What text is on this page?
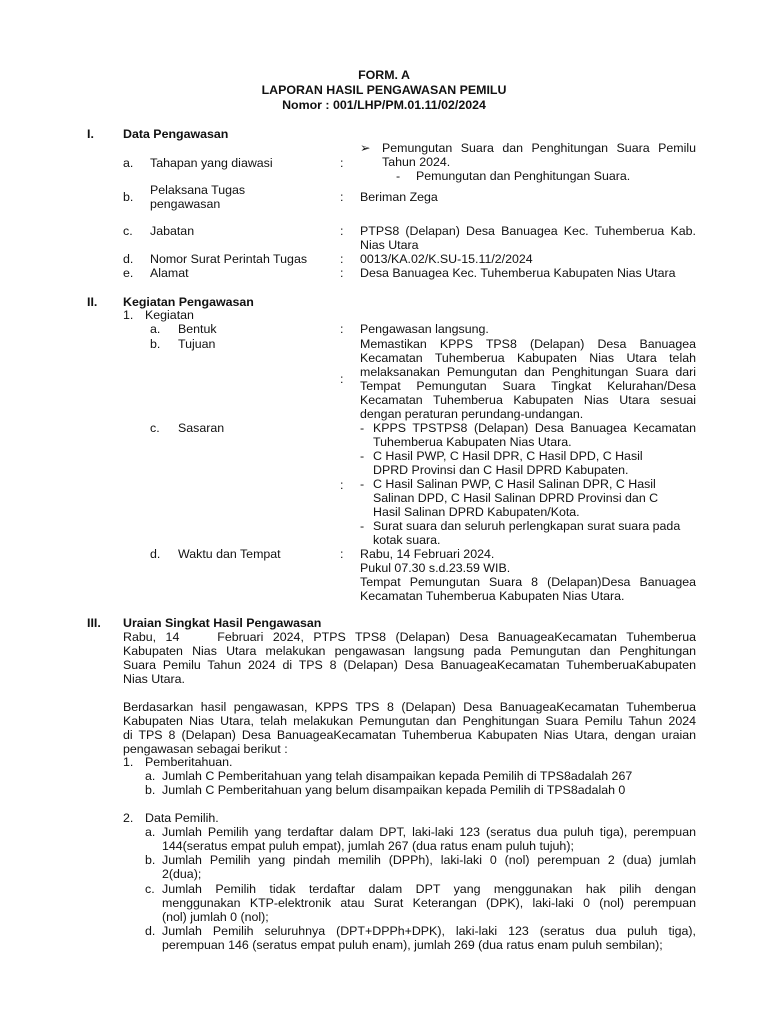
FORM. A
LAPORAN HASIL PENGAWASAN PEMILU
Nomor : 001/LHP/PM.01.11/02/2024
I. Data Pengawasan
a. Tahapan yang diawasi	:
➢ Pemungutan Suara dan Penghitungan Suara Pemilu
Tahun 2024.
- Pemungutan dan Penghitungan Suara.
b. Pelaksana Tugas
pengawasan	: Beriman Zega
c. Jabatan	: PTPS8 (Delapan) Desa Banuagea Kec. Tuhemberua Kab.
Nias Utara
d. Nomor Surat Perintah Tugas	: 0013/KA.02/K.SU-15.11/2/2024
e. Alamat	: Desa Banuagea Kec. Tuhemberua Kabupaten Nias Utara
II. Kegiatan Pengawasan
1. Kegiatan
a. Bentuk	: Pengawasan langsung.
b. Tujuan
:
Memastikan KPPS TPS8 (Delapan) Desa Banuagea
Kecamatan Tuhemberua Kabupaten Nias Utara telah
melaksanakan Pemungutan dan Penghitungan Suara dari
Tempat Pemungutan Suara Tingkat Kelurahan/Desa
Kecamatan Tuhemberua Kabupaten Nias Utara sesuai
dengan peraturan perundang-undangan.
c. Sasaran
:
- KPPS TPSTPS8 (Delapan) Desa Banuagea Kecamatan
Tuhemberua Kabupaten Nias Utara.
- C Hasil PWP, C Hasil DPR, C Hasil DPD, C Hasil
DPRD Provinsi dan C Hasil DPRD Kabupaten.
- C Hasil Salinan PWP, C Hasil Salinan DPR, C Hasil
Salinan DPD, C Hasil Salinan DPRD Provinsi dan C
Hasil Salinan DPRD Kabupaten/Kota.
- Surat suara dan seluruh perlengkapan surat suara pada
kotak suara.
d. Waktu dan Tempat	: Rabu, 14 Februari 2024.
Pukul 07.30 s.d.23.59 WIB.
Tempat Pemungutan Suara 8 (Delapan)Desa Banuagea
Kecamatan Tuhemberua Kabupaten Nias Utara.
III. Uraian Singkat Hasil Pengawasan
Rabu, 14    Februari 2024, PTPS TPS8 (Delapan) Desa BanuageaKecamatan Tuhemberua
Kabupaten Nias Utara melakukan pengawasan langsung pada Pemungutan dan Penghitungan
Suara Pemilu Tahun 2024 di TPS 8 (Delapan) Desa BanuageaKecamatan TuhemberuaKabupaten
Nias Utara.
Berdasarkan hasil pengawasan, KPPS TPS 8 (Delapan) Desa BanuageaKecamatan Tuhemberua
Kabupaten Nias Utara, telah melakukan Pemungutan dan Penghitungan Suara Pemilu Tahun 2024
di TPS 8 (Delapan) Desa BanuageaKecamatan Tuhemberua Kabupaten Nias Utara, dengan uraian
pengawasan sebagai berikut :
1. Pemberitahuan.
a. Jumlah C Pemberitahuan yang telah disampaikan kepada Pemilih di TPS8adalah 267
b. Jumlah C Pemberitahuan yang belum disampaikan kepada Pemilih di TPS8adalah 0
2. Data Pemilih.
a. Jumlah Pemilih yang terdaftar dalam DPT, laki-laki 123 (seratus dua puluh tiga), perempuan
144(seratus empat puluh empat), jumlah 267 (dua ratus enam puluh tujuh);
b. Jumlah Pemilih yang pindah memilih (DPPh), laki-laki 0 (nol) perempuan 2 (dua) jumlah
2(dua);
c. Jumlah Pemilih tidak terdaftar dalam DPT yang menggunakan hak pilih dengan
menggunakan KTP-elektronik atau Surat Keterangan (DPK), laki-laki 0 (nol) perempuan
(nol) jumlah 0 (nol);
d. Jumlah Pemilih seluruhnya (DPT+DPPh+DPK), laki-laki 123 (seratus dua puluh tiga),
perempuan 146 (seratus empat puluh enam), jumlah 269 (dua ratus enam puluh sembilan);
